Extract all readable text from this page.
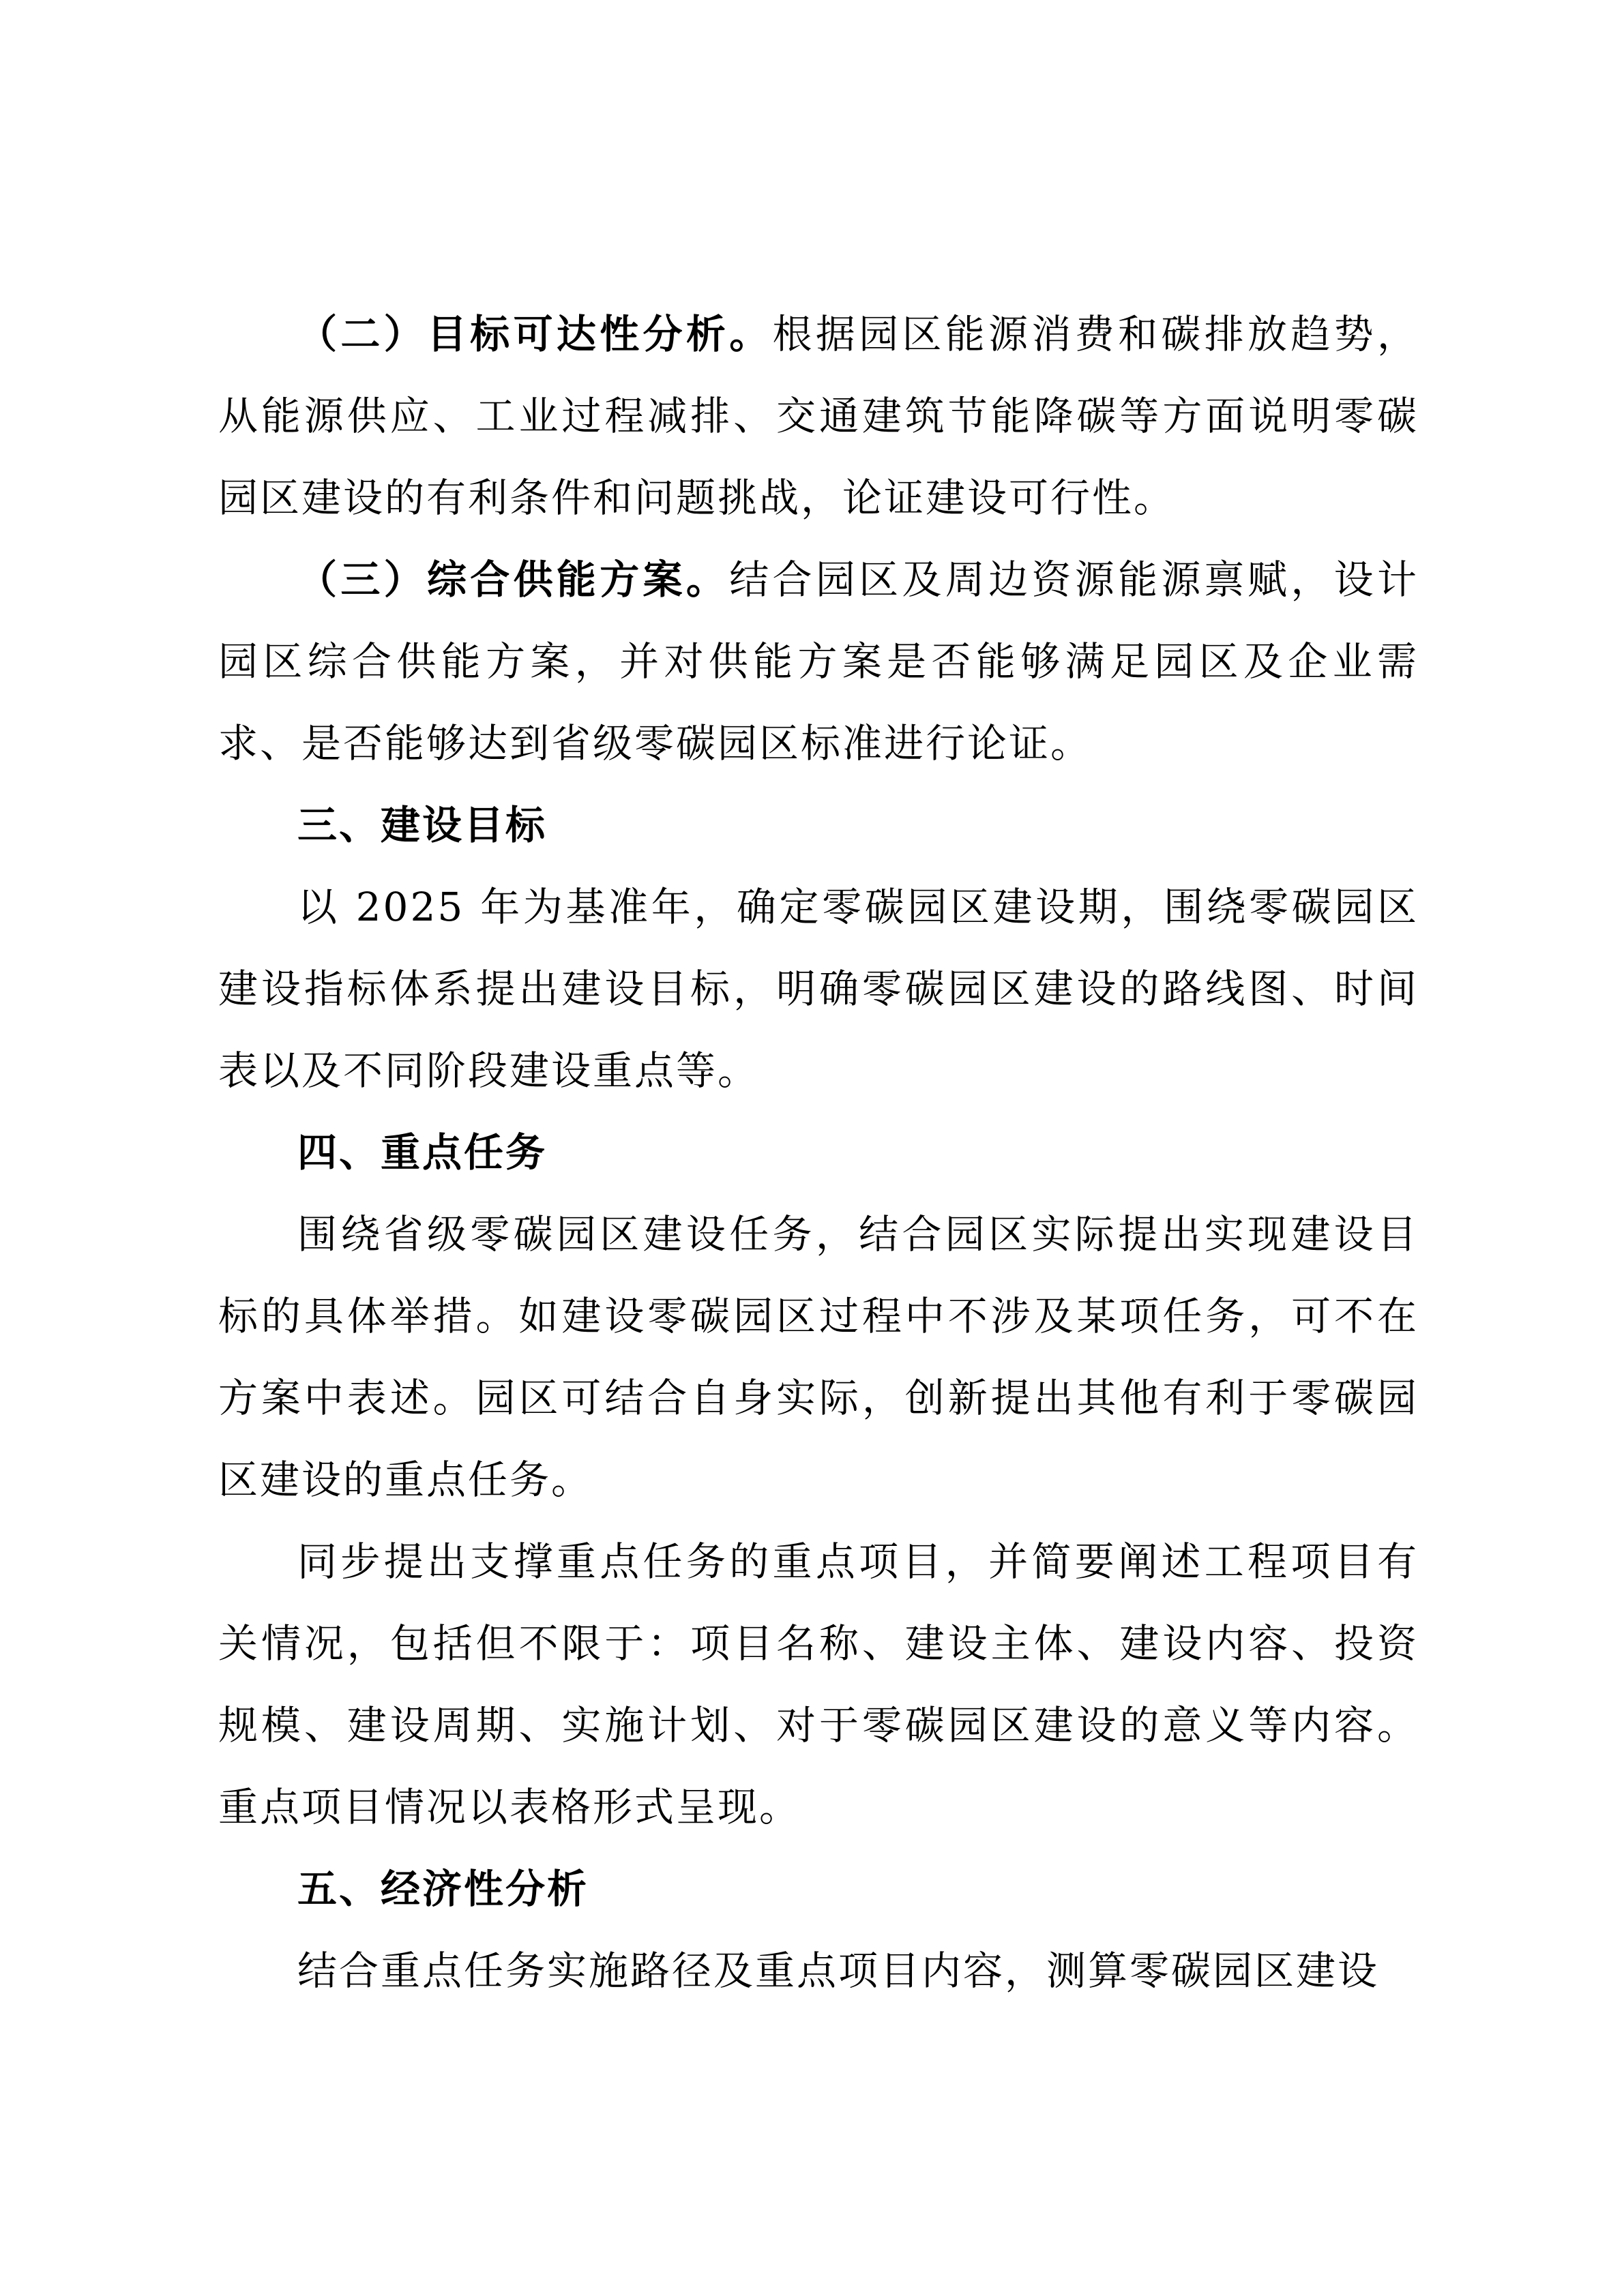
（二）目标可达性分析。根据园区能源消费和碳排放趋势，从能源供应、工业过程减排、交通建筑节能降碳等方面说明零碳园区建设的有利条件和问题挑战，论证建设可行性。

（三）综合供能方案。结合园区及周边资源能源禀赋，设计园区综合供能方案，并对供能方案是否能够满足园区及企业需求、是否能够达到省级零碳园区标准进行论证。

三、建设目标

以 2025 年为基准年，确定零碳园区建设期，围绕零碳园区建设指标体系提出建设目标，明确零碳园区建设的路线图、时间表以及不同阶段建设重点等。

四、重点任务

围绕省级零碳园区建设任务，结合园区实际提出实现建设目标的具体举措。如建设零碳园区过程中不涉及某项任务，可不在方案中表述。园区可结合自身实际，创新提出其他有利于零碳园区建设的重点任务。

同步提出支撑重点任务的重点项目，并简要阐述工程项目有关情况，包括但不限于：项目名称、建设主体、建设内容、投资规模、建设周期、实施计划、对于零碳园区建设的意义等内容。重点项目情况以表格形式呈现。

五、经济性分析

结合重点任务实施路径及重点项目内容，测算零碳园区建设
